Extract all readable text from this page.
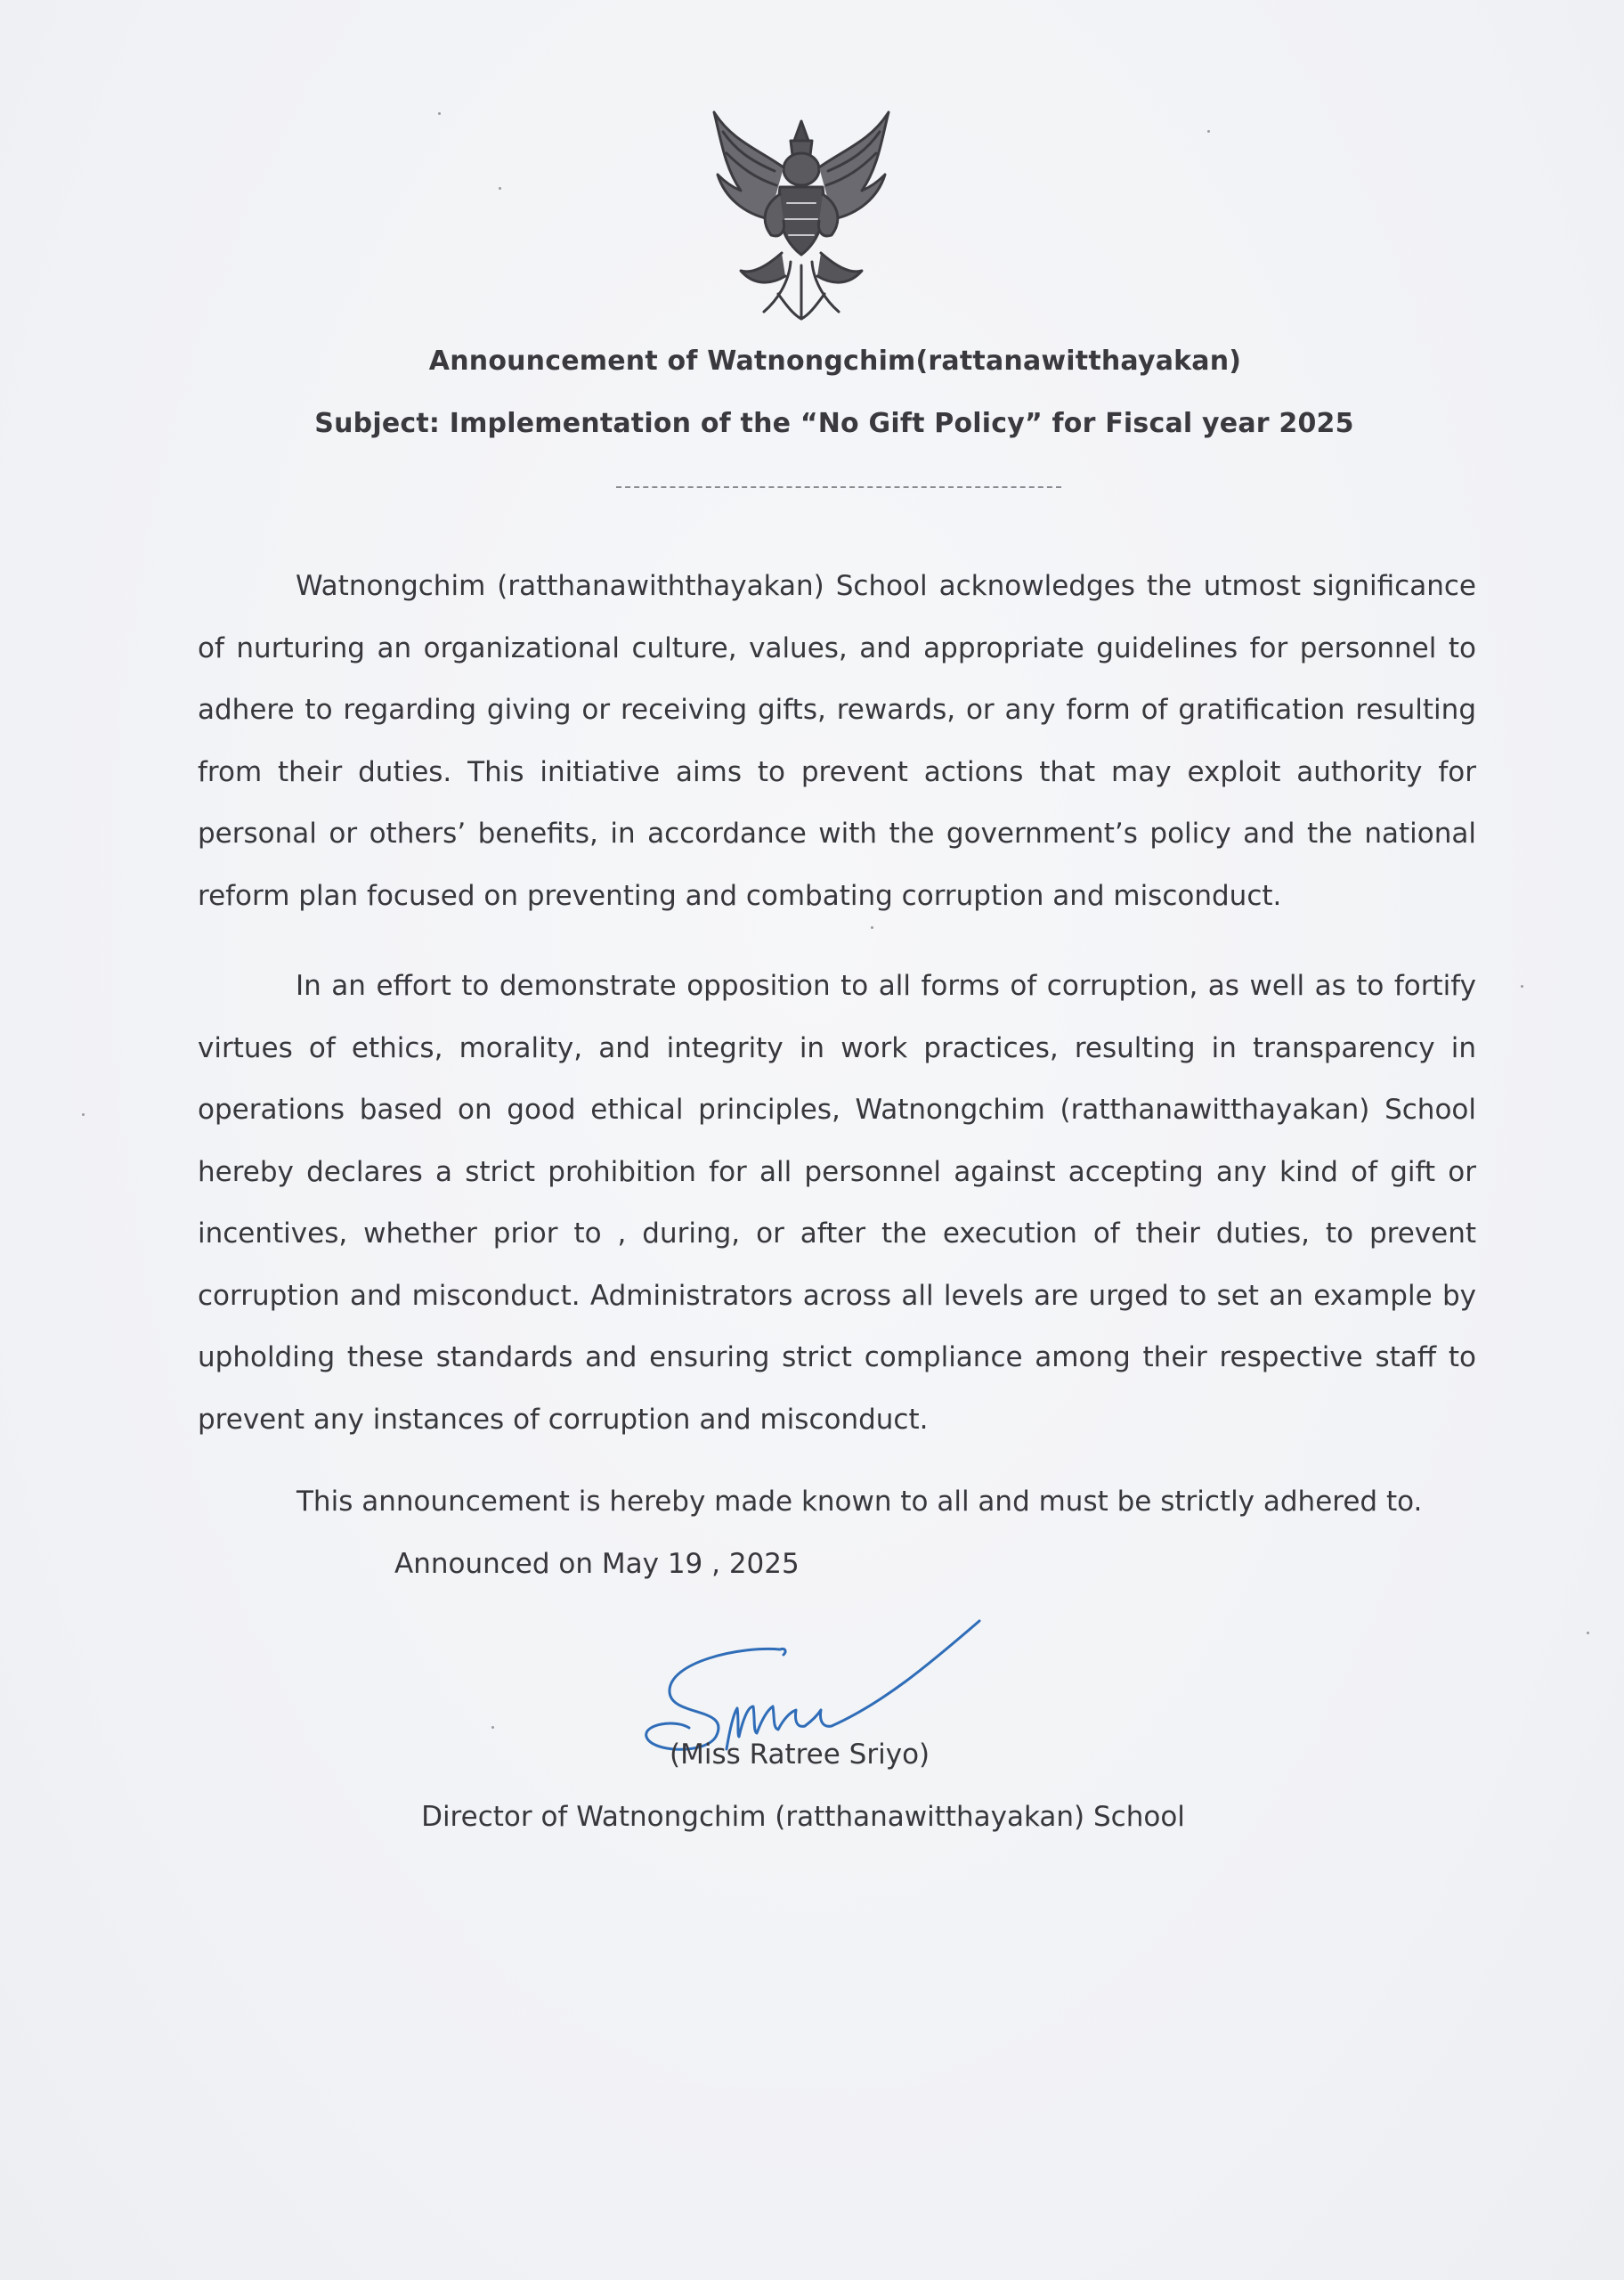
Announcement of Watnongchim(rattanawitthayakan)
Subject: Implementation of the “No Gift Policy” for Fiscal year 2025

Watnongchim (ratthanawiththayakan) School acknowledges the utmost significance of nurturing an organizational culture, values, and appropriate guidelines for personnel to adhere to regarding giving or receiving gifts, rewards, or any form of gratification resulting from their duties. This initiative aims to prevent actions that may exploit authority for personal or others’ benefits, in accordance with the government’s policy and the national reform plan focused on preventing and combating corruption and misconduct.

In an effort to demonstrate opposition to all forms of corruption, as well as to fortify virtues of ethics, morality, and integrity in work practices, resulting in transparency in operations based on good ethical principles, Watnongchim (ratthanawitthayakan) School hereby declares a strict prohibition for all personnel against accepting any kind of gift or incentives, whether prior to , during, or after the execution of their duties, to prevent corruption and misconduct. Administrators across all levels are urged to set an example by upholding these standards and ensuring strict compliance among their respective staff to prevent any instances of corruption and misconduct.

This announcement is hereby made known to all and must be strictly adhered to.
Announced on May 19 , 2025
(Miss Ratree Sriyo)
Director of Watnongchim (ratthanawitthayakan) School
